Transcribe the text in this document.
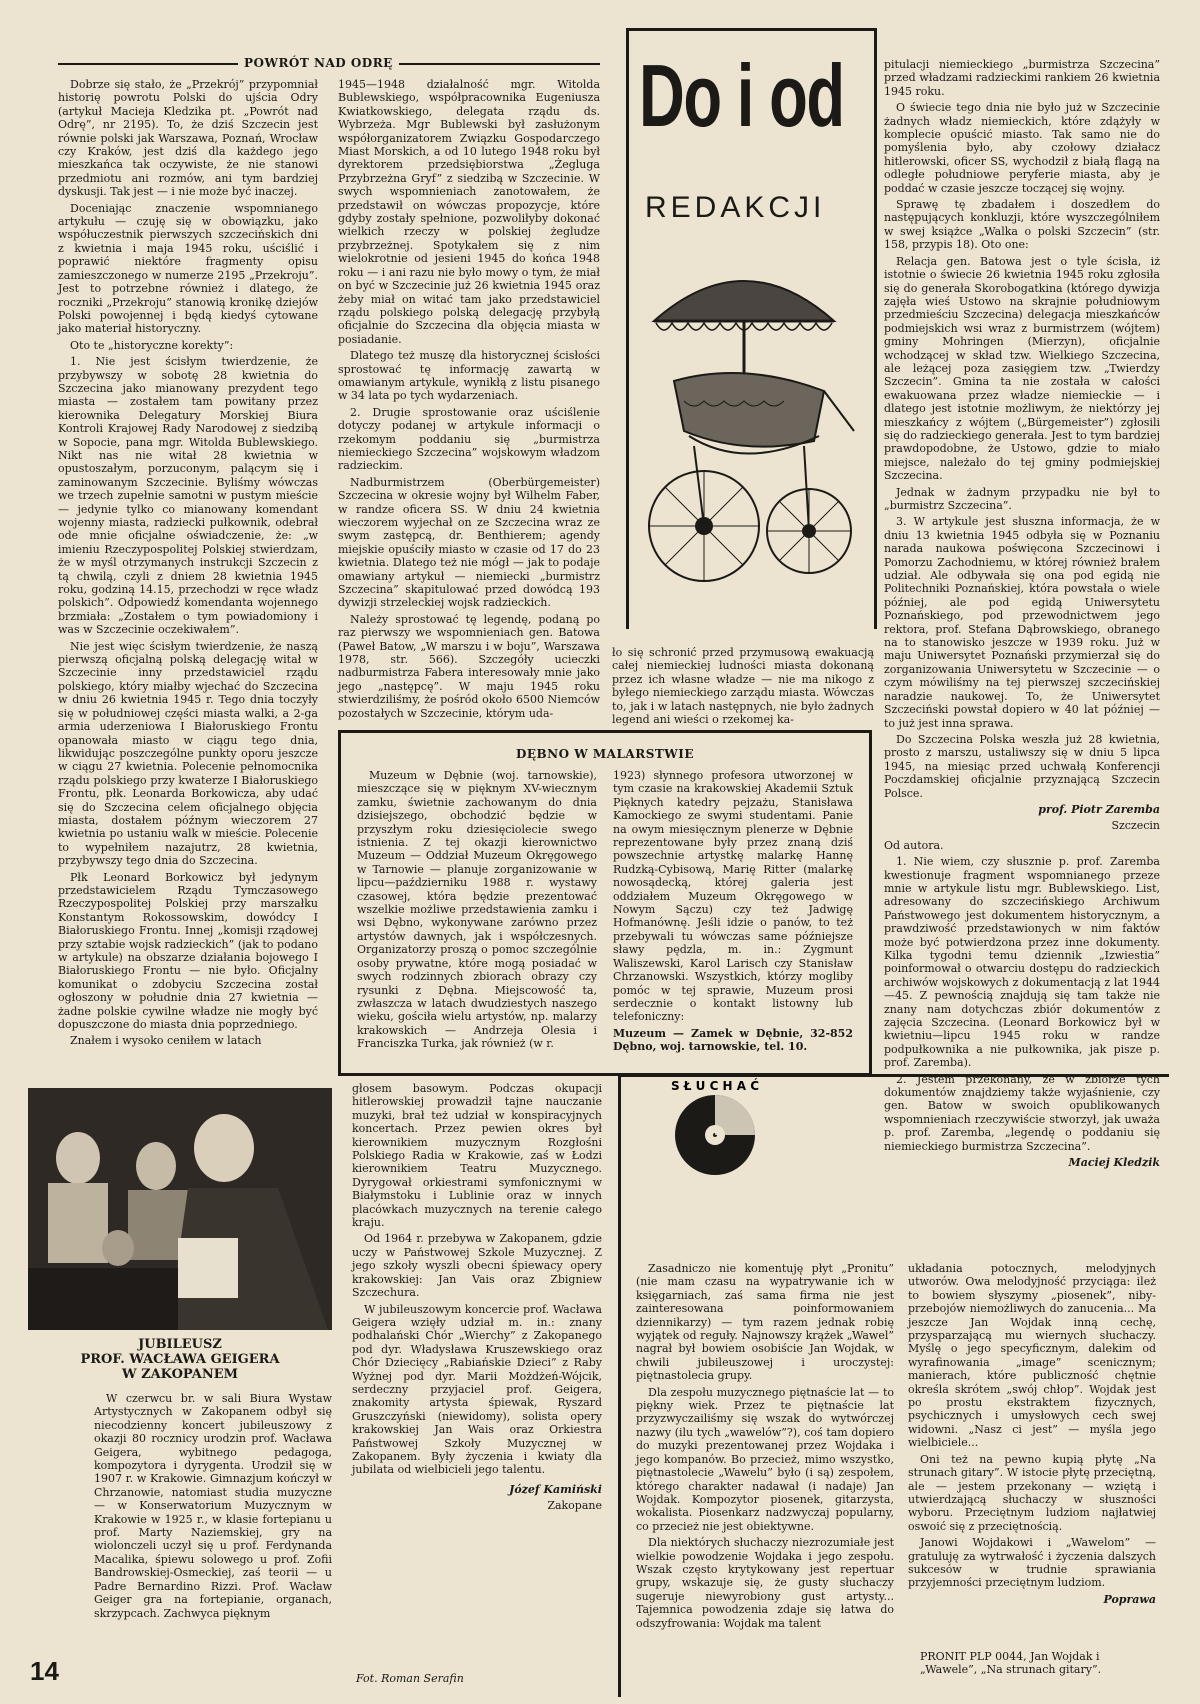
POWRÓT NAD ODRĘ

Dobrze się stało, że „Przekrój” przypomniał historię powrotu Polski do ujścia Odry (artykuł Macieja Kledzika pt. „Powrót nad Odrę”, nr 2195). To, że dziś Szczecin jest równie polski jak Warszawa, Poznań, Wrocław czy Kraków, jest dziś dla każdego jego mieszkańca tak oczywiste, że nie stanowi przedmiotu ani rozmów, ani tym bardziej dyskusji. Tak jest — i nie może być inaczej.

Doceniając znaczenie wspomnianego artykułu — czuję się w obowiązku, jako współuczestnik pierwszych szczecińskich dni z kwietnia i maja 1945 roku, uściślić i poprawić niektóre fragmenty opisu zamieszczonego w numerze 2195 „Przekroju”. Jest to potrzebne również i dlatego, że roczniki „Przekroju” stanowią kronikę dziejów Polski powojennej i będą kiedyś cytowane jako materiał historyczny.

Oto te „historyczne korekty”:

1. Nie jest ścisłym twierdzenie, że przybywszy w sobotę 28 kwietnia do Szczecina jako mianowany prezydent tego miasta — zostałem tam powitany przez kierownika Delegatury Morskiej Biura Kontroli Krajowej Rady Narodowej z siedzibą w Sopocie, pana mgr. Witolda Bublewskiego. Nikt nas nie witał 28 kwietnia w opustoszałym, porzuconym, palącym się i zaminowanym Szczecinie. Byliśmy wówczas we trzech zupełnie samotni w pustym mieście — jedynie tylko co mianowany komendant wojenny miasta, radziecki pułkownik, odebrał ode mnie oficjalne oświadczenie, że: „w imieniu Rzeczypospolitej Polskiej stwierdzam, że w myśl otrzymanych instrukcji Szczecin z tą chwilą, czyli z dniem 28 kwietnia 1945 roku, godziną 14.15, przechodzi w ręce władz polskich”. Odpowiedź komendanta wojennego brzmiała: „Zostałem o tym powiadomiony i was w Szczecinie oczekiwałem”.

Nie jest więc ścisłym twierdzenie, że naszą pierwszą oficjalną polską delegację witał w Szczecinie inny przedstawiciel rządu polskiego, który miałby wjechać do Szczecina w dniu 26 kwietnia 1945 r. Tego dnia toczyły się w południowej części miasta walki, a 2-ga armia uderzeniowa I Białoruskiego Frontu opanowała miasto w ciągu tego dnia, likwidując poszczególne punkty oporu jeszcze w ciągu 27 kwietnia. Polecenie pełnomocnika rządu polskiego przy kwaterze I Białoruskiego Frontu, płk. Leonarda Borkowicza, aby udać się do Szczecina celem oficjalnego objęcia miasta, dostałem późnym wieczorem 27 kwietnia po ustaniu walk w mieście. Polecenie to wypełniłem nazajutrz, 28 kwietnia, przybywszy tego dnia do Szczecina.

Płk Leonard Borkowicz był jedynym przedstawicielem Rządu Tymczasowego Rzeczypospolitej Polskiej przy marszałku Konstantym Rokossowskim, dowódcy I Białoruskiego Frontu. Innej „komisji rządowej przy sztabie wojsk radzieckich” (jak to podano w artykule) na obszarze działania bojowego I Białoruskiego Frontu — nie było. Oficjalny komunikat o zdobyciu Szczecina został ogłoszony w południe dnia 27 kwietnia — żadne polskie cywilne władze nie mogły być dopuszczone do miasta dnia poprzedniego.

Znałem i wysoko ceniłem w latach

1945—1948 działalność mgr. Witolda Bublewskiego, współpracownika Eugeniusza Kwiatkowskiego, delegata rządu ds. Wybrzeża. Mgr Bublewski był zasłużonym współorganizatorem Związku Gospodarczego Miast Morskich, a od 10 lutego 1948 roku był dyrektorem przedsiębiorstwa „Żegluga Przybrzeżna Gryf” z siedzibą w Szczecinie. W swych wspomnieniach zanotowałem, że przedstawił on wówczas propozycje, które gdyby zostały spełnione, pozwoliłyby dokonać wielkich rzeczy w polskiej żegludze przybrzeżnej. Spotykałem się z nim wielokrotnie od jesieni 1945 do końca 1948 roku — i ani razu nie było mowy o tym, że miał on być w Szczecinie już 26 kwietnia 1945 oraz żeby miał on witać tam jako przedstawiciel rządu polskiego polską delegację przybyłą oficjalnie do Szczecina dla objęcia miasta w posiadanie.

Dlatego też muszę dla historycznej ścisłości sprostować tę informację zawartą w omawianym artykule, wynikłą z listu pisanego w 34 lata po tych wydarzeniach.

2. Drugie sprostowanie oraz uściślenie dotyczy podanej w artykule informacji o rzekomym poddaniu się „burmistrza niemieckiego Szczecina” wojskowym władzom radzieckim.

Nadburmistrzem (Oberbürgemeister) Szczecina w okresie wojny był Wilhelm Faber, w randze oficera SS. W dniu 24 kwietnia wieczorem wyjechał on ze Szczecina wraz ze swym zastępcą, dr. Benthierem; agendy miejskie opuściły miasto w czasie od 17 do 23 kwietnia. Dlatego też nie mógł — jak to podaje omawiany artykuł — niemiecki „burmistrz Szczecina” skapitulować przed dowódcą 193 dywizji strzeleckiej wojsk radzieckich.

Należy sprostować tę legendę, podaną po raz pierwszy we wspomnieniach gen. Batowa (Paweł Batow, „W marszu i w boju”, Warszawa 1978, str. 566). Szczegóły ucieczki nadburmistrza Fabera interesowały mnie jako jego „następcę”. W maju 1945 roku stwierdziliśmy, że pośród około 6500 Niemców pozostałych w Szczecinie, którym uda-

ło się schronić przed przymusową ewakuacją całej niemieckiej ludności miasta dokonaną przez ich własne władze — nie ma nikogo z byłego niemieckiego zarządu miasta. Wówczas to, jak i w latach następnych, nie było żadnych legend ani wieści o rzekomej ka-

Do i od
REDAKCJI

pitulacji niemieckiego „burmistrza Szczecina” przed władzami radzieckimi rankiem 26 kwietnia 1945 roku.

O świecie tego dnia nie było już w Szczecinie żadnych władz niemieckich, które zdążyły w komplecie opuścić miasto. Tak samo nie do pomyślenia było, aby czołowy działacz hitlerowski, oficer SS, wychodził z białą flagą na odległe południowe peryferie miasta, aby je poddać w czasie jeszcze toczącej się wojny.

Sprawę tę zbadałem i doszedłem do następujących konkluzji, które wyszczególniłem w swej książce „Walka o polski Szczecin” (str. 158, przypis 18). Oto one:

Relacja gen. Batowa jest o tyle ścisła, iż istotnie o świecie 26 kwietnia 1945 roku zgłosiła się do generała Skorobogatkina (którego dywizja zajęła wieś Ustowo na skrajnie południowym przedmieściu Szczecina) delegacja mieszkańców podmiejskich wsi wraz z burmistrzem (wójtem) gminy Mohringen (Mierzyn), oficjalnie wchodzącej w skład tzw. Wielkiego Szczecina, ale leżącej poza zasięgiem tzw. „Twierdzy Szczecin”. Gmina ta nie została w całości ewakuowana przez władze niemieckie — i dlatego jest istotnie możliwym, że niektórzy jej mieszkańcy z wójtem („Bürgemeister”) zgłosili się do radzieckiego generała. Jest to tym bardziej prawdopodobne, że Ustowo, gdzie to miało miejsce, należało do tej gminy podmiejskiej Szczecina.

Jednak w żadnym przypadku nie był to „burmistrz Szczecina”.

3. W artykule jest słuszna informacja, że w dniu 13 kwietnia 1945 odbyła się w Poznaniu narada naukowa poświęcona Szczecinowi i Pomorzu Zachodniemu, w której również brałem udział. Ale odbywała się ona pod egidą nie Politechniki Poznańskiej, która powstała o wiele później, ale pod egidą Uniwersytetu Poznańskiego, pod przewodnictwem jego rektora, prof. Stefana Dąbrowskiego, obranego na to stanowisko jeszcze w 1939 roku. Już w maju Uniwersytet Poznański przymierzał się do zorganizowania Uniwersytetu w Szczecinie — o czym mówiliśmy na tej pierwszej szczecińskiej naradzie naukowej. To, że Uniwersytet Szczeciński powstał dopiero w 40 lat później — to już jest inna sprawa.

Do Szczecina Polska weszła już 28 kwietnia, prosto z marszu, ustaliwszy się w dniu 5 lipca 1945, na miesiąc przed uchwałą Konferencji Poczdamskiej oficjalnie przyznającą Szczecin Polsce.

prof. Piotr Zaremba

Szczecin

Od autora.

1. Nie wiem, czy słusznie p. prof. Zaremba kwestionuje fragment wspomnianego przeze mnie w artykule listu mgr. Bublewskiego. List, adresowany do szczecińskiego Archiwum Państwowego jest dokumentem historycznym, a prawdziwość przedstawionych w nim faktów może być potwierdzona przez inne dokumenty. Kilka tygodni temu dziennik „Izwiestia” poinformował o otwarciu dostępu do radzieckich archiwów wojskowych z dokumentacją z lat 1944—45. Z pewnością znajdują się tam także nie znany nam dotychczas zbiór dokumentów z zajęcia Szczecina. (Leonard Borkowicz był w kwietniu—lipcu 1945 roku w randze podpułkownika a nie pułkownika, jak pisze p. prof. Zaremba).

2. Jestem przekonany, że w zbiorze tych dokumentów znajdziemy także wyjaśnienie, czy gen. Batow w swoich opublikowanych wspomnieniach rzeczywiście stworzył, jak uważa p. prof. Zaremba, „legendę o poddaniu się niemieckiego burmistrza Szczecina”.

Maciej Kledzik

DĘBNO W MALARSTWIE

Muzeum w Dębnie (woj. tarnowskie), mieszczące się w pięknym XV-wiecznym zamku, świetnie zachowanym do dnia dzisiejszego, obchodzić będzie w przyszłym roku dziesięciolecie swego istnienia. Z tej okazji kierownictwo Muzeum — Oddział Muzeum Okręgowego w Tarnowie — planuje zorganizowanie w lipcu—październiku 1988 r. wystawy czasowej, która będzie prezentować wszelkie możliwe przedstawienia zamku i wsi Dębno, wykonywane zarówno przez artystów dawnych, jak i współczesnych. Organizatorzy proszą o pomoc szczególnie osoby prywatne, które mogą posiadać w swych rodzinnych zbiorach obrazy czy rysunki z Dębna. Miejscowość ta, zwłaszcza w latach dwudziestych naszego wieku, gościła wielu artystów, np. malarzy krakowskich — Andrzeja Olesia i Franciszka Turka, jak również (w r.

1923) słynnego profesora utworzonej w tym czasie na krakowskiej Akademii Sztuk Pięknych katedry pejzażu, Stanisława Kamockiego ze swymi studentami. Panie na owym miesięcznym plenerze w Dębnie reprezentowane były przez znaną dziś powszechnie artystkę malarkę Hannę Rudzką-Cybisową, Marię Ritter (malarkę nowosądecką, której galeria jest oddziałem Muzeum Okręgowego w Nowym Sączu) czy też Jadwigę Hofmanównę. Jeśli idzie o panów, to też przebywali tu wówczas same późniejsze sławy pędzla, m. in.: Zygmunt Waliszewski, Karol Larisch czy Stanisław Chrzanowski. Wszystkich, którzy mogliby pomóc w tej sprawie, Muzeum prosi serdecznie o kontakt listowny lub telefoniczny:

Muzeum — Zamek w Dębnie, 32-852 Dębno, woj. tarnowskie, tel. 10.

JUBILEUSZ
PROF. WACŁAWA GEIGERA
W ZAKOPANEM

W czerwcu br. w sali Biura Wystaw Artystycznych w Zakopanem odbył się niecodzienny koncert jubileuszowy z okazji 80 rocznicy urodzin prof. Wacława Geigera, wybitnego pedagoga, kompozytora i dyrygenta. Urodził się w 1907 r. w Krakowie. Gimnazjum kończył w Chrzanowie, natomiast studia muzyczne — w Konserwatorium Muzycznym w Krakowie w 1925 r., w klasie fortepianu u prof. Marty Naziemskiej, gry na wiolonczeli uczył się u prof. Ferdynanda Macalika, śpiewu solowego u prof. Zofii Bandrowskiej-Osmeckiej, zaś teorii — u Padre Bernardino Rizzi. Prof. Wacław Geiger gra na fortepianie, organach, skrzypcach. Zachwyca pięknym

głosem basowym. Podczas okupacji hitlerowskiej prowadził tajne nauczanie muzyki, brał też udział w konspiracyjnych koncertach. Przez pewien okres był kierownikiem muzycznym Rozgłośni Polskiego Radia w Krakowie, zaś w Łodzi kierownikiem Teatru Muzycznego. Dyrygował orkiestrami symfonicznymi w Białymstoku i Lublinie oraz w innych placówkach muzycznych na terenie całego kraju.

Od 1964 r. przebywa w Zakopanem, gdzie uczy w Państwowej Szkole Muzycznej. Z jego szkoły wyszli obecni śpiewacy opery krakowskiej: Jan Vais oraz Zbigniew Szczechura.

W jubileuszowym koncercie prof. Wacława Geigera wzięły udział m. in.: znany podhalański Chór „Wierchy” z Zakopanego pod dyr. Władysława Kruszewskiego oraz Chór Dziecięcy „Rabiańskie Dzieci” z Raby Wyżnej pod dyr. Marii Możdżeń-Wójcik, serdeczny przyjaciel prof. Geigera, znakomity artysta śpiewak, Ryszard Gruszczyński (niewidomy), solista opery krakowskiej Jan Wais oraz Orkiestra Państwowej Szkoły Muzycznej w Zakopanem. Były życzenia i kwiaty dla jubilata od wielbicieli jego talentu.

Józef Kamiński

Zakopane

Fot. Roman Serafin
S Ł U C H A Ć

Zasadniczo nie komentuję płyt „Pronitu” (nie mam czasu na wypatrywanie ich w księgarniach, zaś sama firma nie jest zainteresowana poinformowaniem dziennikarzy) — tym razem jednak robię wyjątek od reguły. Najnowszy krążek „Wawel” nagrał był bowiem osobiście Jan Wojdak, w chwili jubileuszowej i uroczystej: piętnastolecia grupy.

Dla zespołu muzycznego piętnaście lat — to piękny wiek. Przez te piętnaście lat przyzwyczailiśmy się wszak do wytwórczej nazwy (ilu tych „wawelów”?), coś tam dopiero do muzyki prezentowanej przez Wojdaka i jego kompanów. Bo przecież, mimo wszystko, piętnastolecie „Wawelu” było (i są) zespołem, którego charakter nadawał (i nadaje) Jan Wojdak. Kompozytor piosenek, gitarzysta, wokalista. Piosenkarz nadzwyczaj popularny, co przecież nie jest obiektywne.

Dla niektórych słuchaczy niezrozumiałe jest wielkie powodzenie Wojdaka i jego zespołu. Wszak często krytykowany jest repertuar grupy, wskazuje się, że gusty słuchaczy sugeruje niewyrobiony gust artysty... Tajemnica powodzenia zdaje się łatwa do odszyfrowania: Wojdak ma talent

układania potocznych, melodyjnych utworów. Owa melodyjność przyciąga: ileż to bowiem słyszymy „piosenek”, niby-przebojów niemożliwych do zanucenia... Ma jeszcze Jan Wojdak inną cechę, przysparzającą mu wiernych słuchaczy. Myślę o jego specyficznym, dalekim od wyrafinowania „image” scenicznym; manierach, które publiczność chętnie określa skrótem „swój chłop”. Wojdak jest po prostu ekstraktem fizycznych, psychicznych i umysłowych cech swej widowni. „Nasz ci jest” — myśla jego wielbiciele...

Oni też na pewno kupią płytę „Na strunach gitary”. W istocie płytę przeciętną, ale — jestem przekonany — wziętą i utwierdzającą słuchaczy w słuszności wyboru. Przeciętnym ludziom najłatwiej oswoić się z przeciętnością.

Janowi Wojdakowi i „Wawelom” — gratuluję za wytrwałość i życzenia dalszych sukcesów w trudnie sprawiania przyjemności przeciętnym ludziom.

Poprawa

PRONIT PLP 0044, Jan Wojdak i „Wawele”, „Na strunach gitary”.
14
